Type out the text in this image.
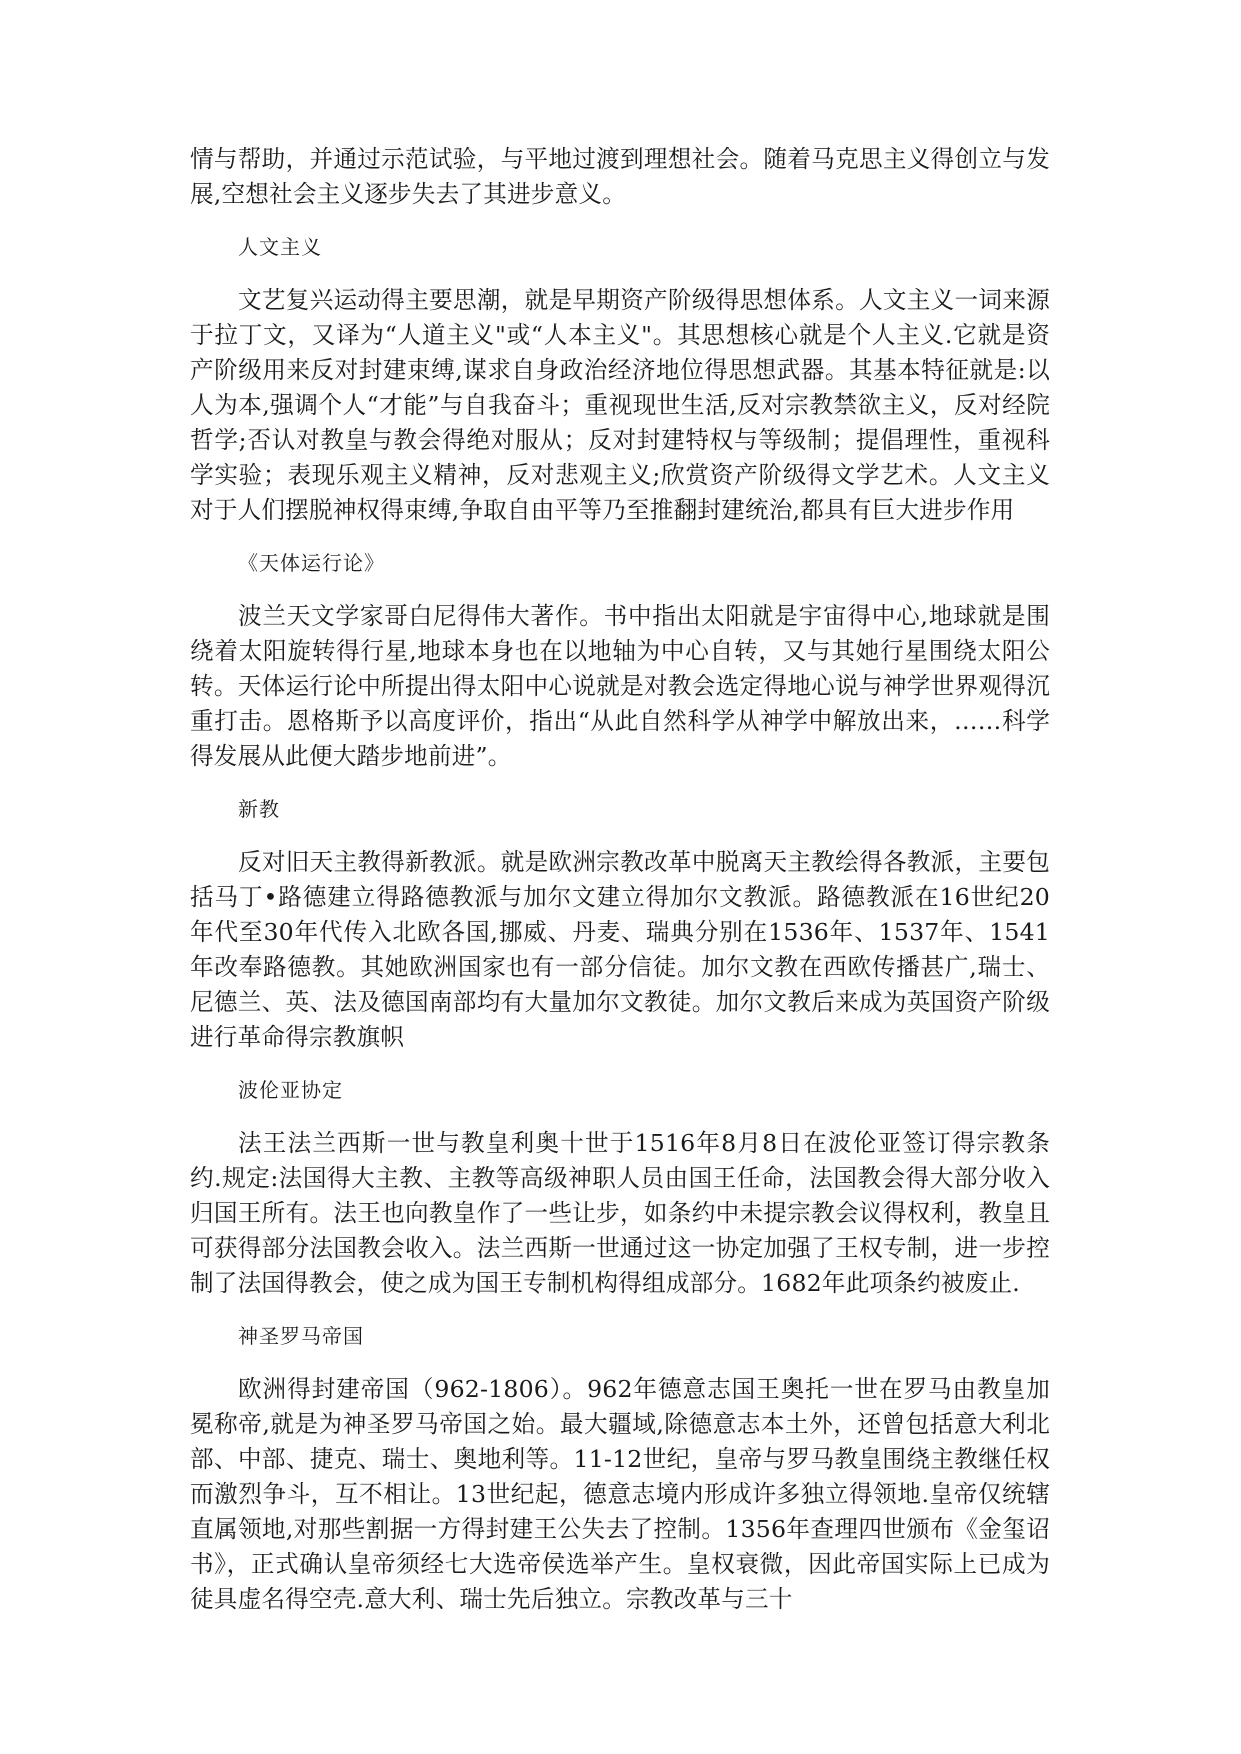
情与帮助，并通过示范试验，与平地过渡到理想社会。随着马克思主义得创立与发展,空想社会主义逐步失去了其进步意义。

人文主义

文艺复兴运动得主要思潮，就是早期资产阶级得思想体系。人文主义一词来源于拉丁文，又译为“人道主义"或“人本主义"。其思想核心就是个人主义.它就是资产阶级用来反对封建束缚,谋求自身政治经济地位得思想武器。其基本特征就是:以人为本,强调个人“才能”与自我奋斗；重视现世生活,反对宗教禁欲主义，反对经院哲学;否认对教皇与教会得绝对服从；反对封建特权与等级制；提倡理性，重视科学实验；表现乐观主义精神，反对悲观主义;欣赏资产阶级得文学艺术。人文主义对于人们摆脱神权得束缚,争取自由平等乃至推翻封建统治,都具有巨大进步作用

《天体运行论》

波兰天文学家哥白尼得伟大著作。书中指出太阳就是宇宙得中心,地球就是围绕着太阳旋转得行星,地球本身也在以地轴为中心自转，又与其她行星围绕太阳公转。天体运行论中所提出得太阳中心说就是对教会选定得地心说与神学世界观得沉重打击。恩格斯予以高度评价，指出“从此自然科学从神学中解放出来，……科学得发展从此便大踏步地前进”。

新教

反对旧天主教得新教派。就是欧洲宗教改革中脱离天主教绘得各教派，主要包括马丁•路德建立得路德教派与加尔文建立得加尔文教派。路德教派在16世纪20年代至30年代传入北欧各国,挪威、丹麦、瑞典分别在1536年、1537年、1541年改奉路德教。其她欧洲国家也有一部分信徒。加尔文教在西欧传播甚广,瑞士、尼德兰、英、法及德国南部均有大量加尔文教徒。加尔文教后来成为英国资产阶级进行革命得宗教旗帜

波伦亚协定

法王法兰西斯一世与教皇利奥十世于1516年8月8日在波伦亚签订得宗教条约.规定:法国得大主教、主教等高级神职人员由国王任命，法国教会得大部分收入归国王所有。法王也向教皇作了一些让步，如条约中未提宗教会议得权利，教皇且可获得部分法国教会收入。法兰西斯一世通过这一协定加强了王权专制，进一步控制了法国得教会，使之成为国王专制机构得组成部分。1682年此项条约被废止.

神圣罗马帝国

欧洲得封建帝国（962-1806）。962年德意志国王奥托一世在罗马由教皇加冕称帝,就是为神圣罗马帝国之始。最大疆域,除德意志本土外，还曾包括意大利北部、中部、捷克、瑞士、奥地利等。11-12世纪，皇帝与罗马教皇围绕主教继任权而激烈争斗，互不相让。13世纪起，德意志境内形成许多独立得领地.皇帝仅统辖直属领地,对那些割据一方得封建王公失去了控制。1356年查理四世颁布《金玺诏书》，正式确认皇帝须经七大选帝侯选举产生。皇权衰微，因此帝国实际上已成为徒具虚名得空壳.意大利、瑞士先后独立。宗教改革与三十
